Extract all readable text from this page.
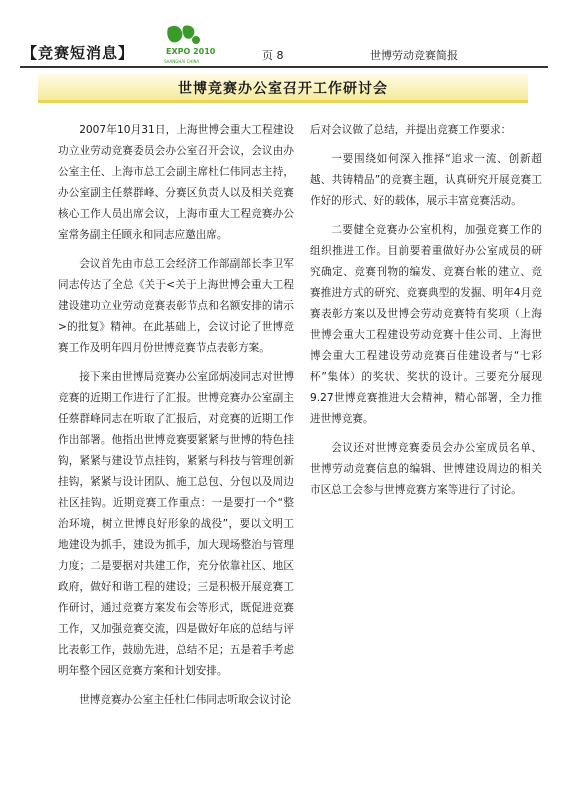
【竞赛短消息】	EXPO 2010
SHANGHAI CHINA	页 8	世博劳动竞赛简报
世博竞赛办公室召开工作研讨会

2007年10月31日，上海世博会重大工程建设功立业劳动竞赛委员会办公室召开会议，会议由办公室主任、上海市总工会副主席杜仁伟同志主持，办公室副主任蔡群峰、分赛区负责人以及相关竞赛核心工作人员出席会议，上海市重大工程竞赛办公室常务副主任顾永和同志应邀出席。

会议首先由市总工会经济工作部副部长李卫军同志传达了全总《关于<关于上海世博会重大工程建设建功立业劳动竞赛表彰节点和名额安排的请示>的批复》精神。在此基础上，会议讨论了世博竞赛工作及明年四月份世博竞赛节点表彰方案。

接下来由世博局竞赛办公室邱炳凌同志对世博竞赛的近期工作进行了汇报。世博竞赛办公室副主任蔡群峰同志在听取了汇报后，对竞赛的近期工作作出部署。他指出世博竞赛要紧紧与世博的特色挂钩，紧紧与建设节点挂钩，紧紧与科技与管理创新挂钩，紧紧与设计团队、施工总包、分包以及周边社区挂钩。近期竞赛工作重点：一是要打一个“整治环境，树立世博良好形象的战役”，要以文明工地建设为抓手，建设为抓手，加大现场整治与管理力度；二是要据对共建工作，充分依靠社区、地区政府，做好和谐工程的建设；三是积极开展竞赛工作研讨，通过竞赛方案发布会等形式，既促进竞赛工作，又加强竞赛交流，四是做好年底的总结与评比表彰工作，鼓励先进，总结不足；五是着手考虑明年整个园区竞赛方案和计划安排。

世博竞赛办公室主任杜仁伟同志听取会议讨论

后对会议做了总结，并提出竞赛工作要求：

一要围绕如何深入推择“追求一流、创新超越、共铸精品”的竞赛主题，认真研究开展竞赛工作好的形式、好的载体，展示丰富竞赛活动。

二要健全竞赛办公室机构，加强竞赛工作的组织推进工作。目前要着重做好办公室成员的研究确定、竞赛刊物的编发、竞赛台帐的建立、竞赛推进方式的研究、竞赛典型的发掘、明年4月竞赛表彰方案以及世博会劳动竞赛特有奖项（上海世博会重大工程建设劳动竞赛十佳公司、上海世博会重大工程建设劳动竞赛百佳建设者与“七彩杯”集体）的奖状、奖状的设计。三要充分展现9.27世博竞赛推进大会精神，精心部署，全力推进世博竞赛。

会议还对世博竞赛委员会办公室成员名单、世博劳动竞赛信息的编辑、世博建设周边的相关市区总工会参与世博竞赛方案等进行了讨论。
